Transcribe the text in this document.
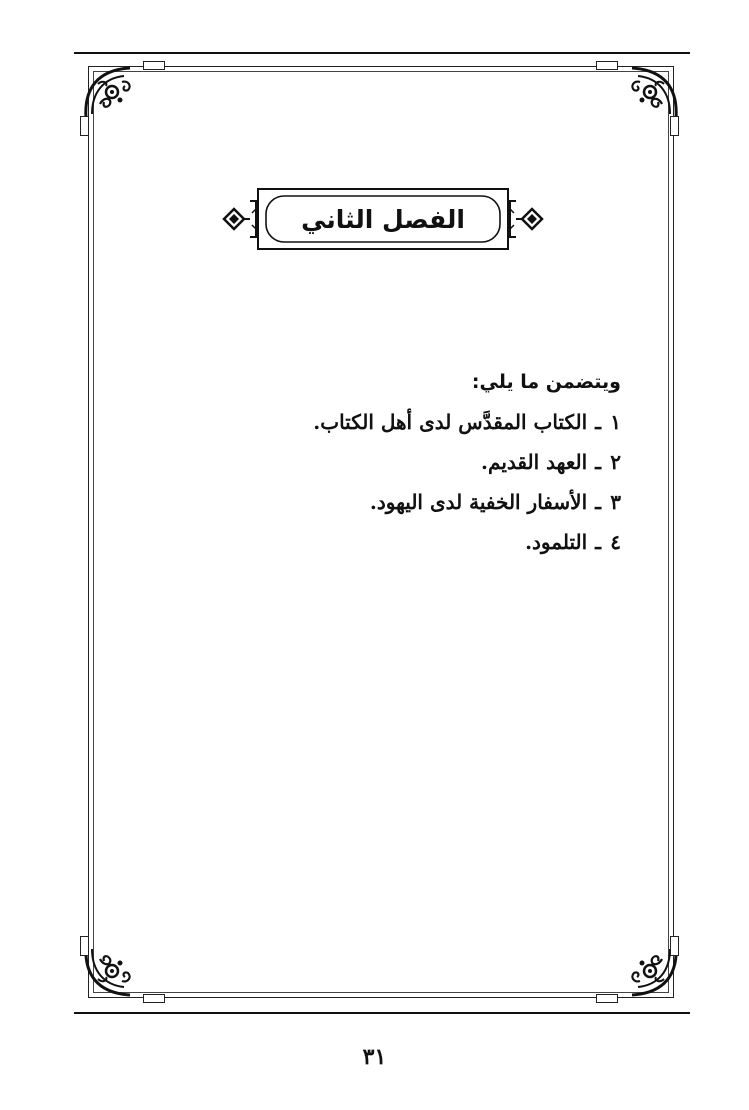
الفصل الثاني

ويتضمن ما يلي:

١
ـ
الكتاب المقدَّس لدى أهل الكتاب.
٢
ـ
العهد القديم.
٣
ـ
الأسفار الخفية لدى اليهود.
٤
ـ
التلمود.
٣١
